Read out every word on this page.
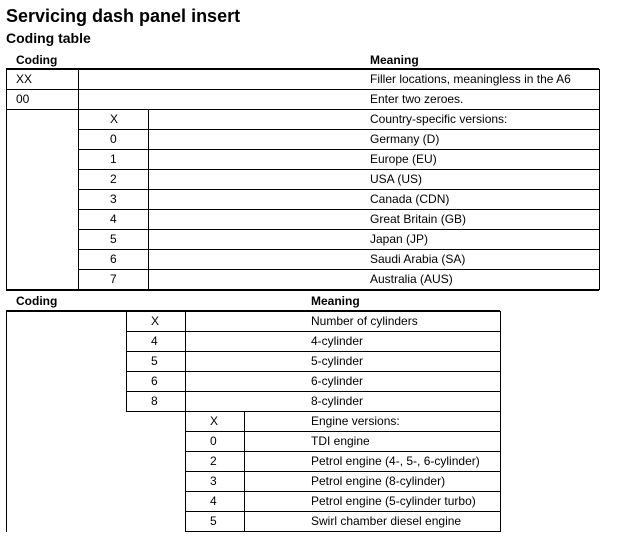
Servicing dash panel insert
Coding table
Coding	Meaning
XX	Filler locations, meaningless in the A6
00	Enter two zeroes.
X	Country-specific versions:
0	Germany (D)
1	Europe (EU)
2	USA (US)
3	Canada (CDN)
4	Great Britain (GB)
5	Japan (JP)
6	Saudi Arabia (SA)
7	Australia (AUS)
Coding	Meaning
X	Number of cylinders
4	4-cylinder
5	5-cylinder
6	6-cylinder
8	8-cylinder
X	Engine versions:
0	TDI engine
2	Petrol engine (4-, 5-, 6-cylinder)
3	Petrol engine (8-cylinder)
4	Petrol engine (5-cylinder turbo)
5	Swirl chamber diesel engine
